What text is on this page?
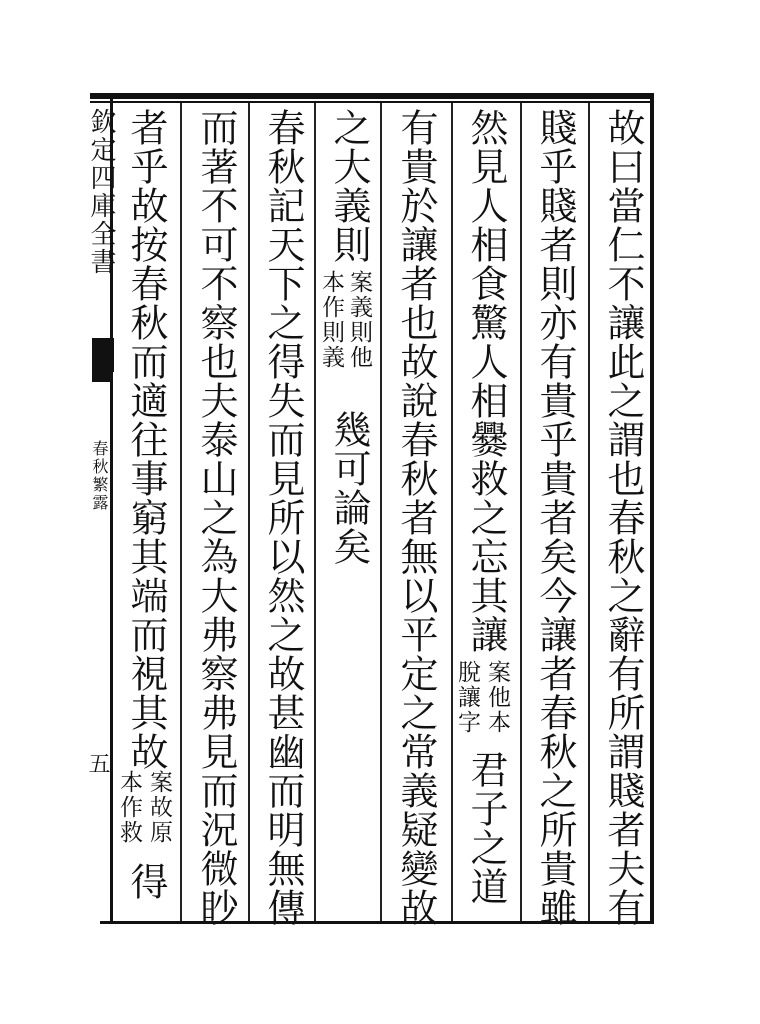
欽定四庫全書
春秋繁露
五	故曰當仁不讓此之謂也春秋之辭有所謂賤者夫有
賤乎賤者則亦有貴乎貴者矣今讓者春秋之所貴雖
然見人相食驚人相爨救之忘其讓
案他本
脫讓字
君子之道
有貴於讓者也故說春秋者無以平定之常義疑變故
之大義則
案義則他
本作則義
幾可論矣
春秋記天下之得失而見所以然之故甚幽而明無傳
而著不可不察也夫泰山之為大弗察弗見而況微眇
者乎故按春秋而適往事窮其端而視其故
案故原
本作救
得
